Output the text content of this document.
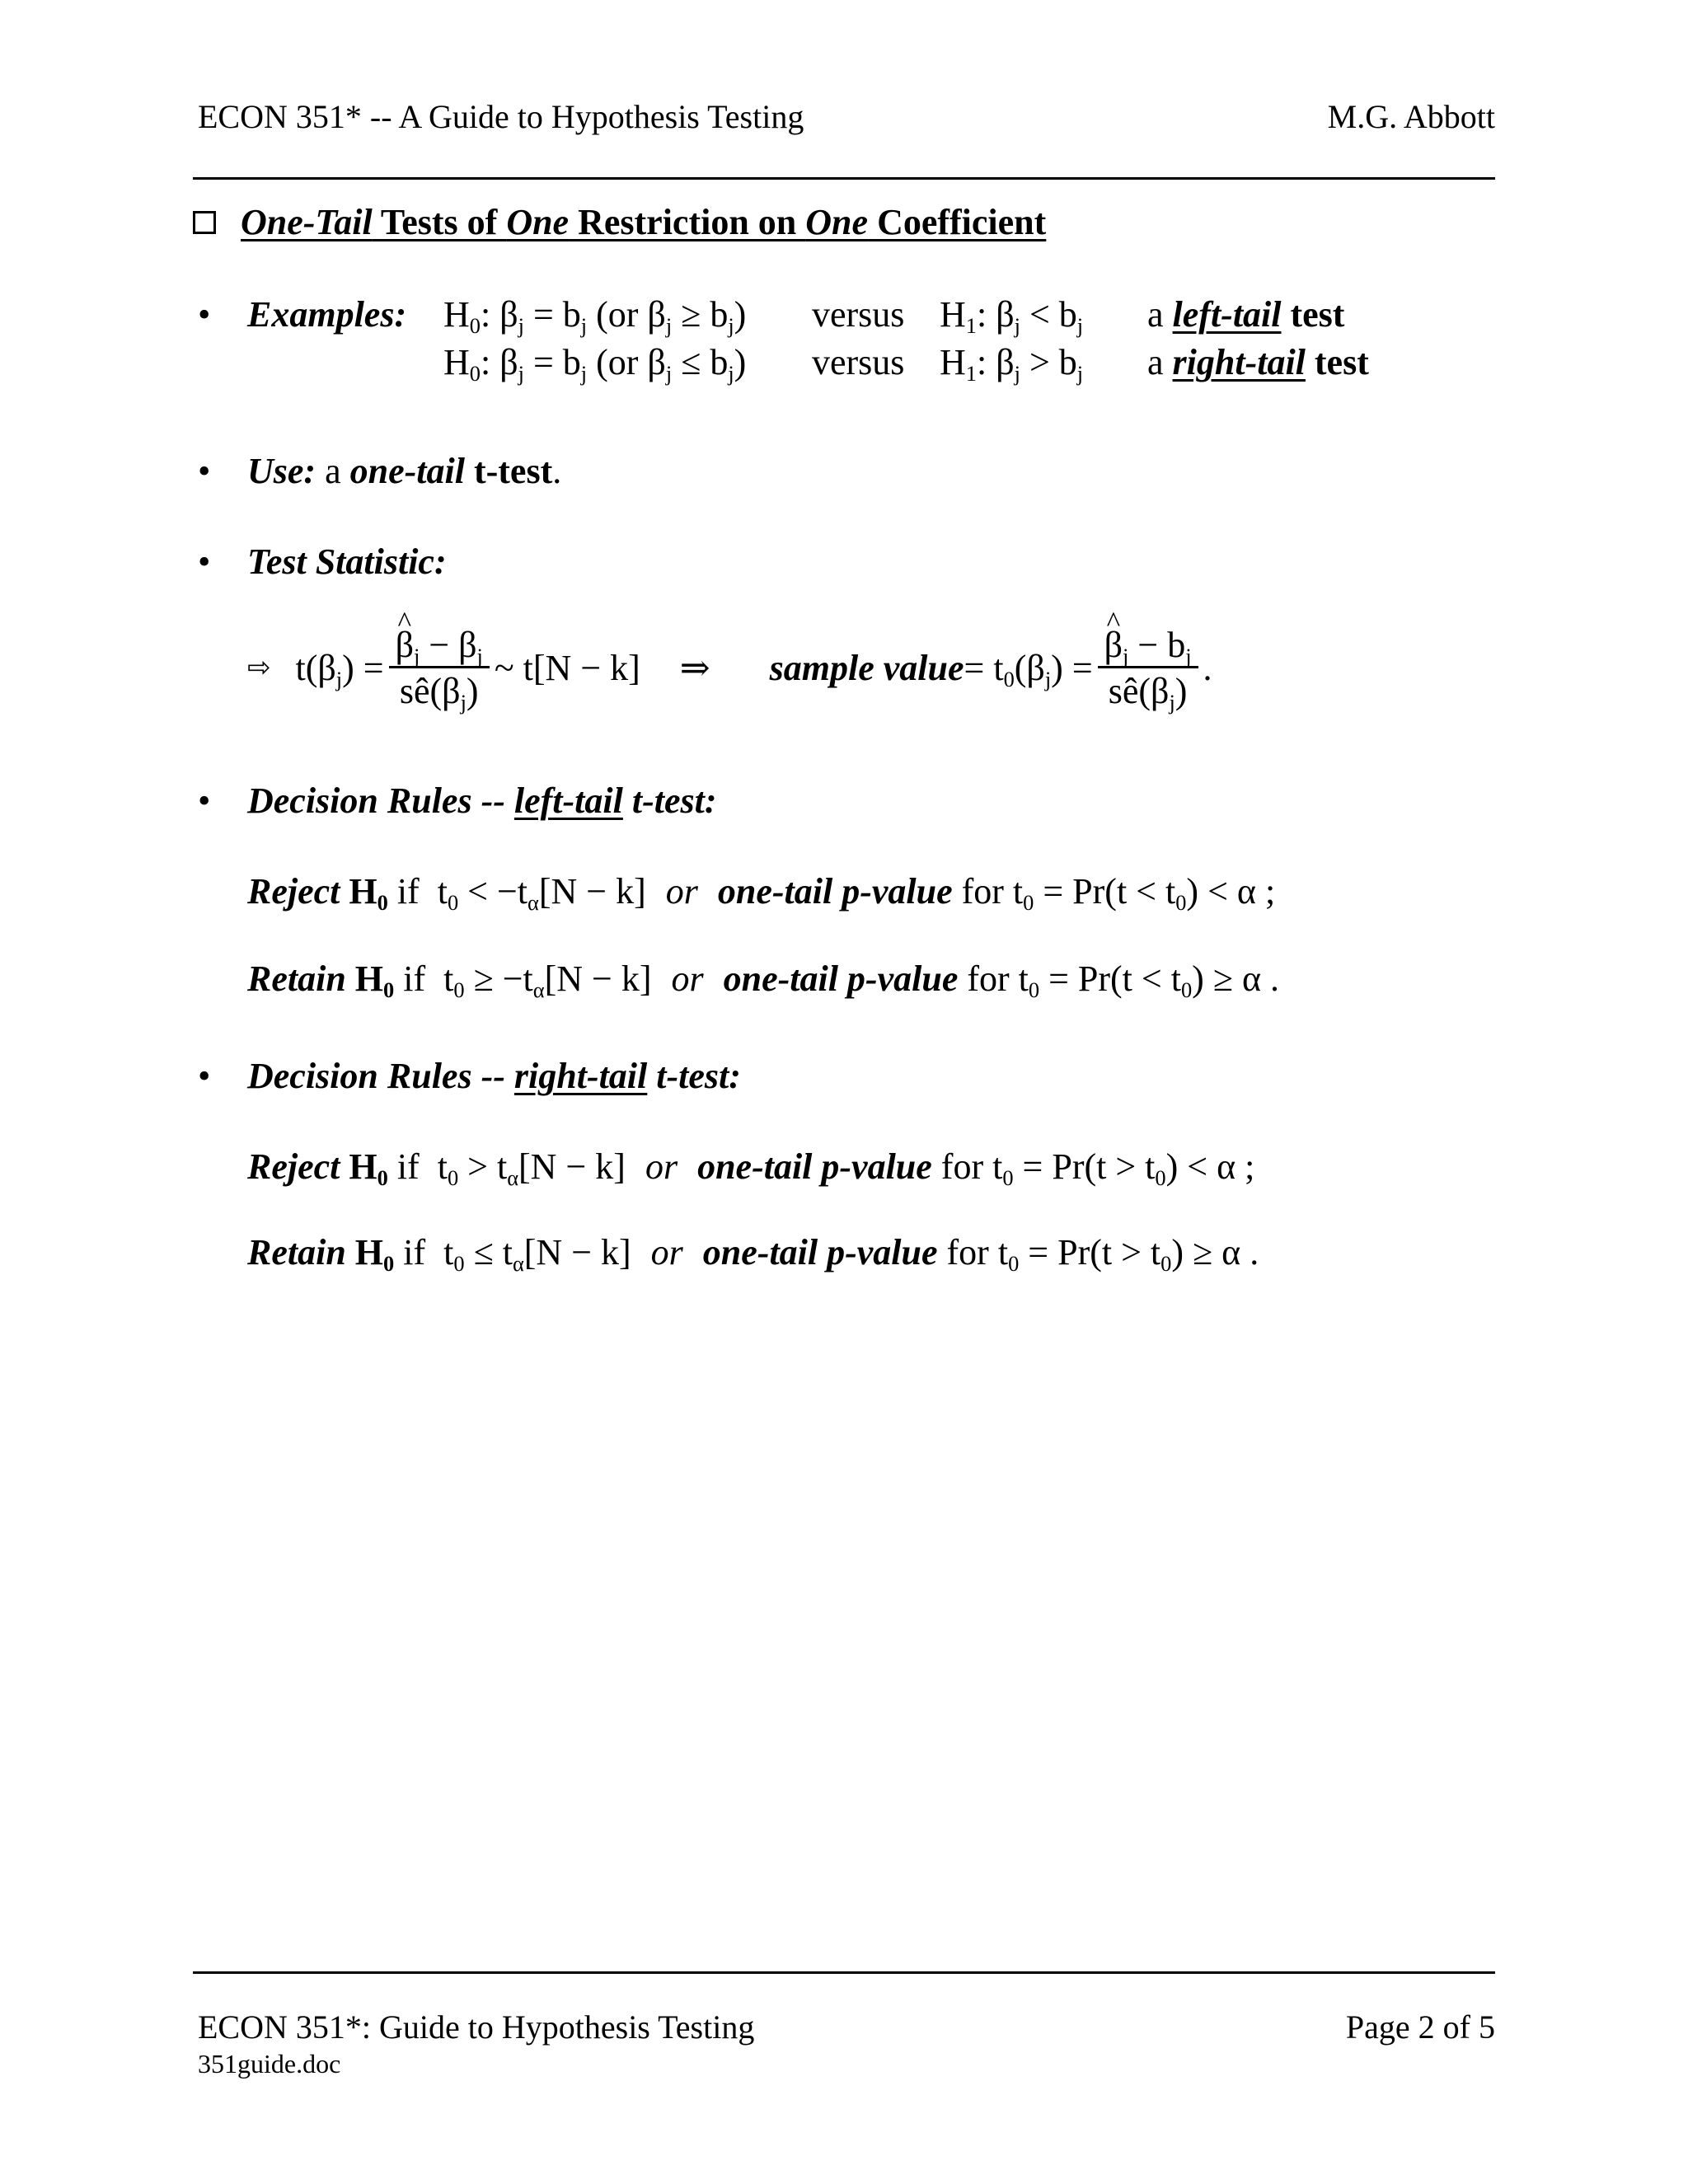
ECON 351* -- A Guide to Hypothesis Testing	M.G. Abbott
One-Tail Tests of One Restriction on One Coefficient
• Examples: $H_0$: $\beta_j = b_j$ (or $\beta_j \ge b_j$) versus $H_1$: $\beta_j < b_j$ a left-tail test
$H_0$: $\beta_j = b_j$ (or $\beta_j \le b_j$) versus $H_1$: $\beta_j > b_j$ a right-tail test
• Use: a one-tail t-test.
• Test Statistic:
⇨ $t(\beta_j)$ = ^ $\frac{\beta_j - \beta_j}{sê(\beta_j)}$ ~ t[N − k] ⇒ sample value = $t_0(\beta_j)$ = ^ $\frac{\beta_j - b_j}{sê(\beta_j)}$ .
• Decision Rules -- left-tail t-test:
Reject $H_0$ if $t_0 < -t_\alpha[N - k]$ or one-tail p-value for $t_0 = Pr(t < t_0) < \alpha$ ;
Retain $H_0$ if $t_0 \ge -t_\alpha[N - k]$ or one-tail p-value for $t_0 = Pr(t < t_0) \ge \alpha$ .
• Decision Rules -- right-tail t-test:
Reject $H_0$ if $t_0 > t_\alpha[N - k]$ or one-tail p-value for $t_0 = Pr(t > t_0) < \alpha$ ;
Retain $H_0$ if $t_0 \le t_\alpha[N - k]$ or one-tail p-value for $t_0 = Pr(t > t_0) \ge \alpha$ .
ECON 351*: Guide to Hypothesis Testing	Page 2 of 5
351guide.doc
